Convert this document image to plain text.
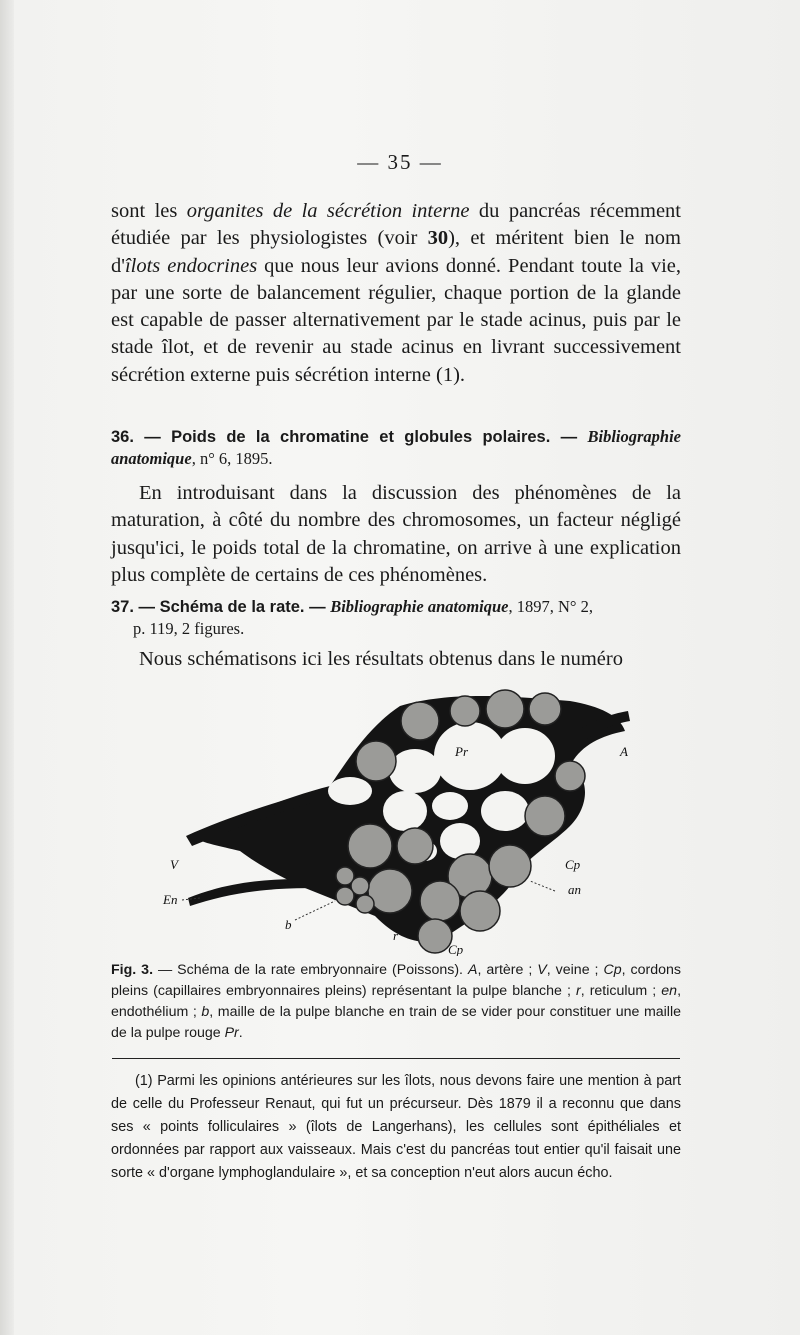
— 35 —
sont les organites de la sécrétion interne du pancréas récemment étudiée par les physiologistes (voir 30), et méritent bien le nom d'îlots endocrines que nous leur avions donné. Pendant toute la vie, par une sorte de balancement régulier, chaque portion de la glande est capable de passer alternativement par le stade acinus, puis par le stade îlot, et de revenir au stade acinus en livrant successivement sécrétion externe puis sécrétion interne (1).
36. — Poids de la chromatine et globules polaires. — Bibliographie anatomique, n° 6, 1895.
En introduisant dans la discussion des phénomènes de la maturation, à côté du nombre des chromosomes, un facteur négligé jusqu'ici, le poids total de la chromatine, on arrive à une explication plus complète de certains de ces phénomènes.
37. — Schéma de la rate. — Bibliographie anatomique, 1897, N° 2,
p. 119, 2 figures.
Nous schématisons ici les résultats obtenus dans le numéro
Pr	A
V
En
Cp
an
b
r
Cp
Fig. 3. — Schéma de la rate embryonnaire (Poissons). A, artère ; V, veine ; Cp, cordons pleins (capillaires embryonnaires pleins) représentant la pulpe blanche ; r, reticulum ; en, endothélium ; b, maille de la pulpe blanche en train de se vider pour constituer une maille de la pulpe rouge Pr.
(1) Parmi les opinions antérieures sur les îlots, nous devons faire une mention à part de celle du Professeur Renaut, qui fut un précurseur. Dès 1879 il a reconnu que dans ses « points folliculaires » (îlots de Langerhans), les cellules sont épithéliales et ordonnées par rapport aux vaisseaux. Mais c'est du pancréas tout entier qu'il faisait une sorte « d'organe lymphoglandulaire », et sa conception n'eut alors aucun écho.
